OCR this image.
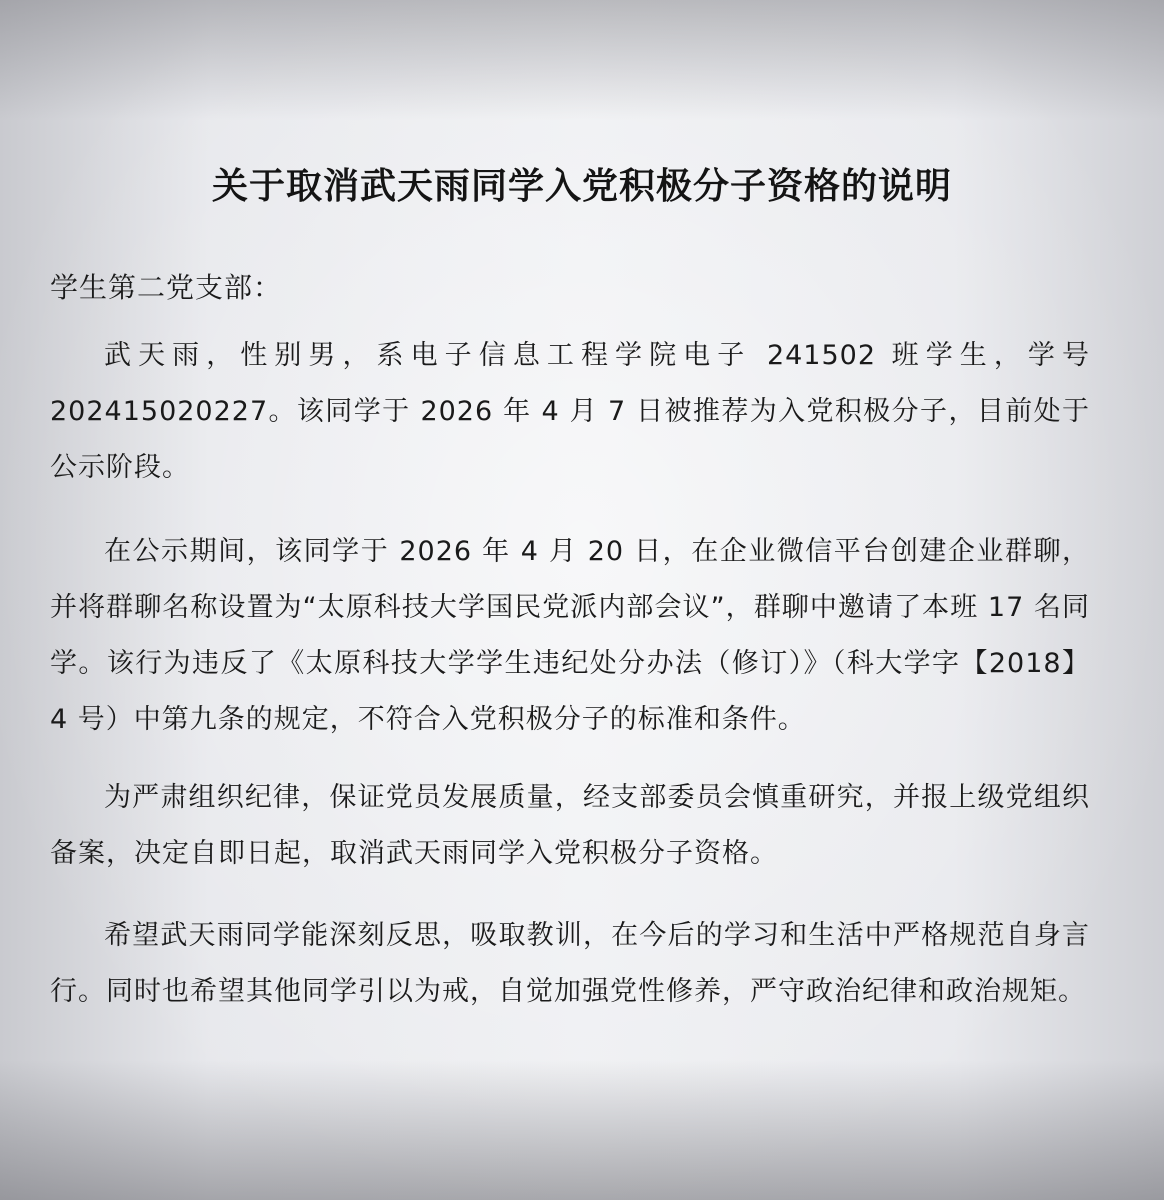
关于取消武天雨同学入党积极分子资格的说明
学生第二党支部：

武天雨，性别男，系电子信息工程学院电子 241502 班学生，学号 202415020227。该同学于 2026 年 4 月 7 日被推荐为入党积极分子，目前处于公示阶段。

在公示期间，该同学于 2026 年 4 月 20 日，在企业微信平台创建企业群聊，并将群聊名称设置为“太原科技大学国民党派内部会议”，群聊中邀请了本班 17 名同学。该行为违反了《太原科技大学学生违纪处分办法（修订）》（科大学字【2018】4 号）中第九条的规定，不符合入党积极分子的标准和条件。

为严肃组织纪律，保证党员发展质量，经支部委员会慎重研究，并报上级党组织备案，决定自即日起，取消武天雨同学入党积极分子资格。

希望武天雨同学能深刻反思，吸取教训，在今后的学习和生活中严格规范自身言行。同时也希望其他同学引以为戒，自觉加强党性修养，严守政治纪律和政治规矩。
